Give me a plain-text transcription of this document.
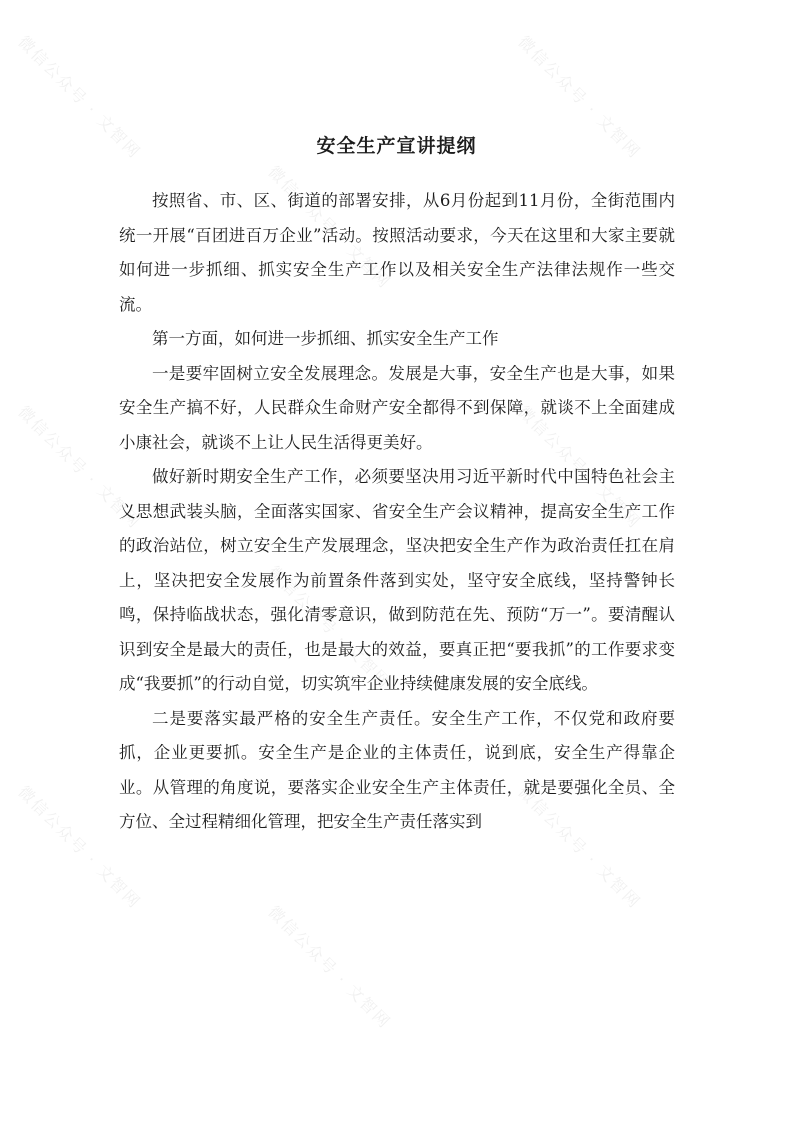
微信公众号 · 文智网
微信公众号 · 文智网
微信公众号 · 文智网
微信公众号 · 文智网
微信公众号 · 文智网
微信公众号 · 文智网
微信公众号 · 文智网
微信公众号 · 文智网
微信公众号 · 文智网
安全生产宣讲提纲

按照省、市、区、街道的部署安排，从6月份起到11月份，全街范围内统一开展“百团进百万企业”活动。按照活动要求，今天在这里和大家主要就如何进一步抓细、抓实安全生产工作以及相关安全生产法律法规作一些交流。

第一方面，如何进一步抓细、抓实安全生产工作

一是要牢固树立安全发展理念。发展是大事，安全生产也是大事，如果安全生产搞不好，人民群众生命财产安全都得不到保障，就谈不上全面建成小康社会，就谈不上让人民生活得更美好。

做好新时期安全生产工作，必须要坚决用习近平新时代中国特色社会主义思想武装头脑，全面落实国家、省安全生产会议精神，提高安全生产工作的政治站位，树立安全生产发展理念，坚决把安全生产作为政治责任扛在肩上，坚决把安全发展作为前置条件落到实处，坚守安全底线，坚持警钟长鸣，保持临战状态，强化清零意识，做到防范在先、预防“万一”。要清醒认识到安全是最大的责任，也是最大的效益，要真正把“要我抓”的工作要求变成“我要抓”的行动自觉，切实筑牢企业持续健康发展的安全底线。

二是要落实最严格的安全生产责任。安全生产工作，不仅党和政府要抓，企业更要抓。安全生产是企业的主体责任，说到底，安全生产得靠企业。从管理的角度说，要落实企业安全生产主体责任，就是要强化全员、全方位、全过程精细化管理，把安全生产责任落实到
